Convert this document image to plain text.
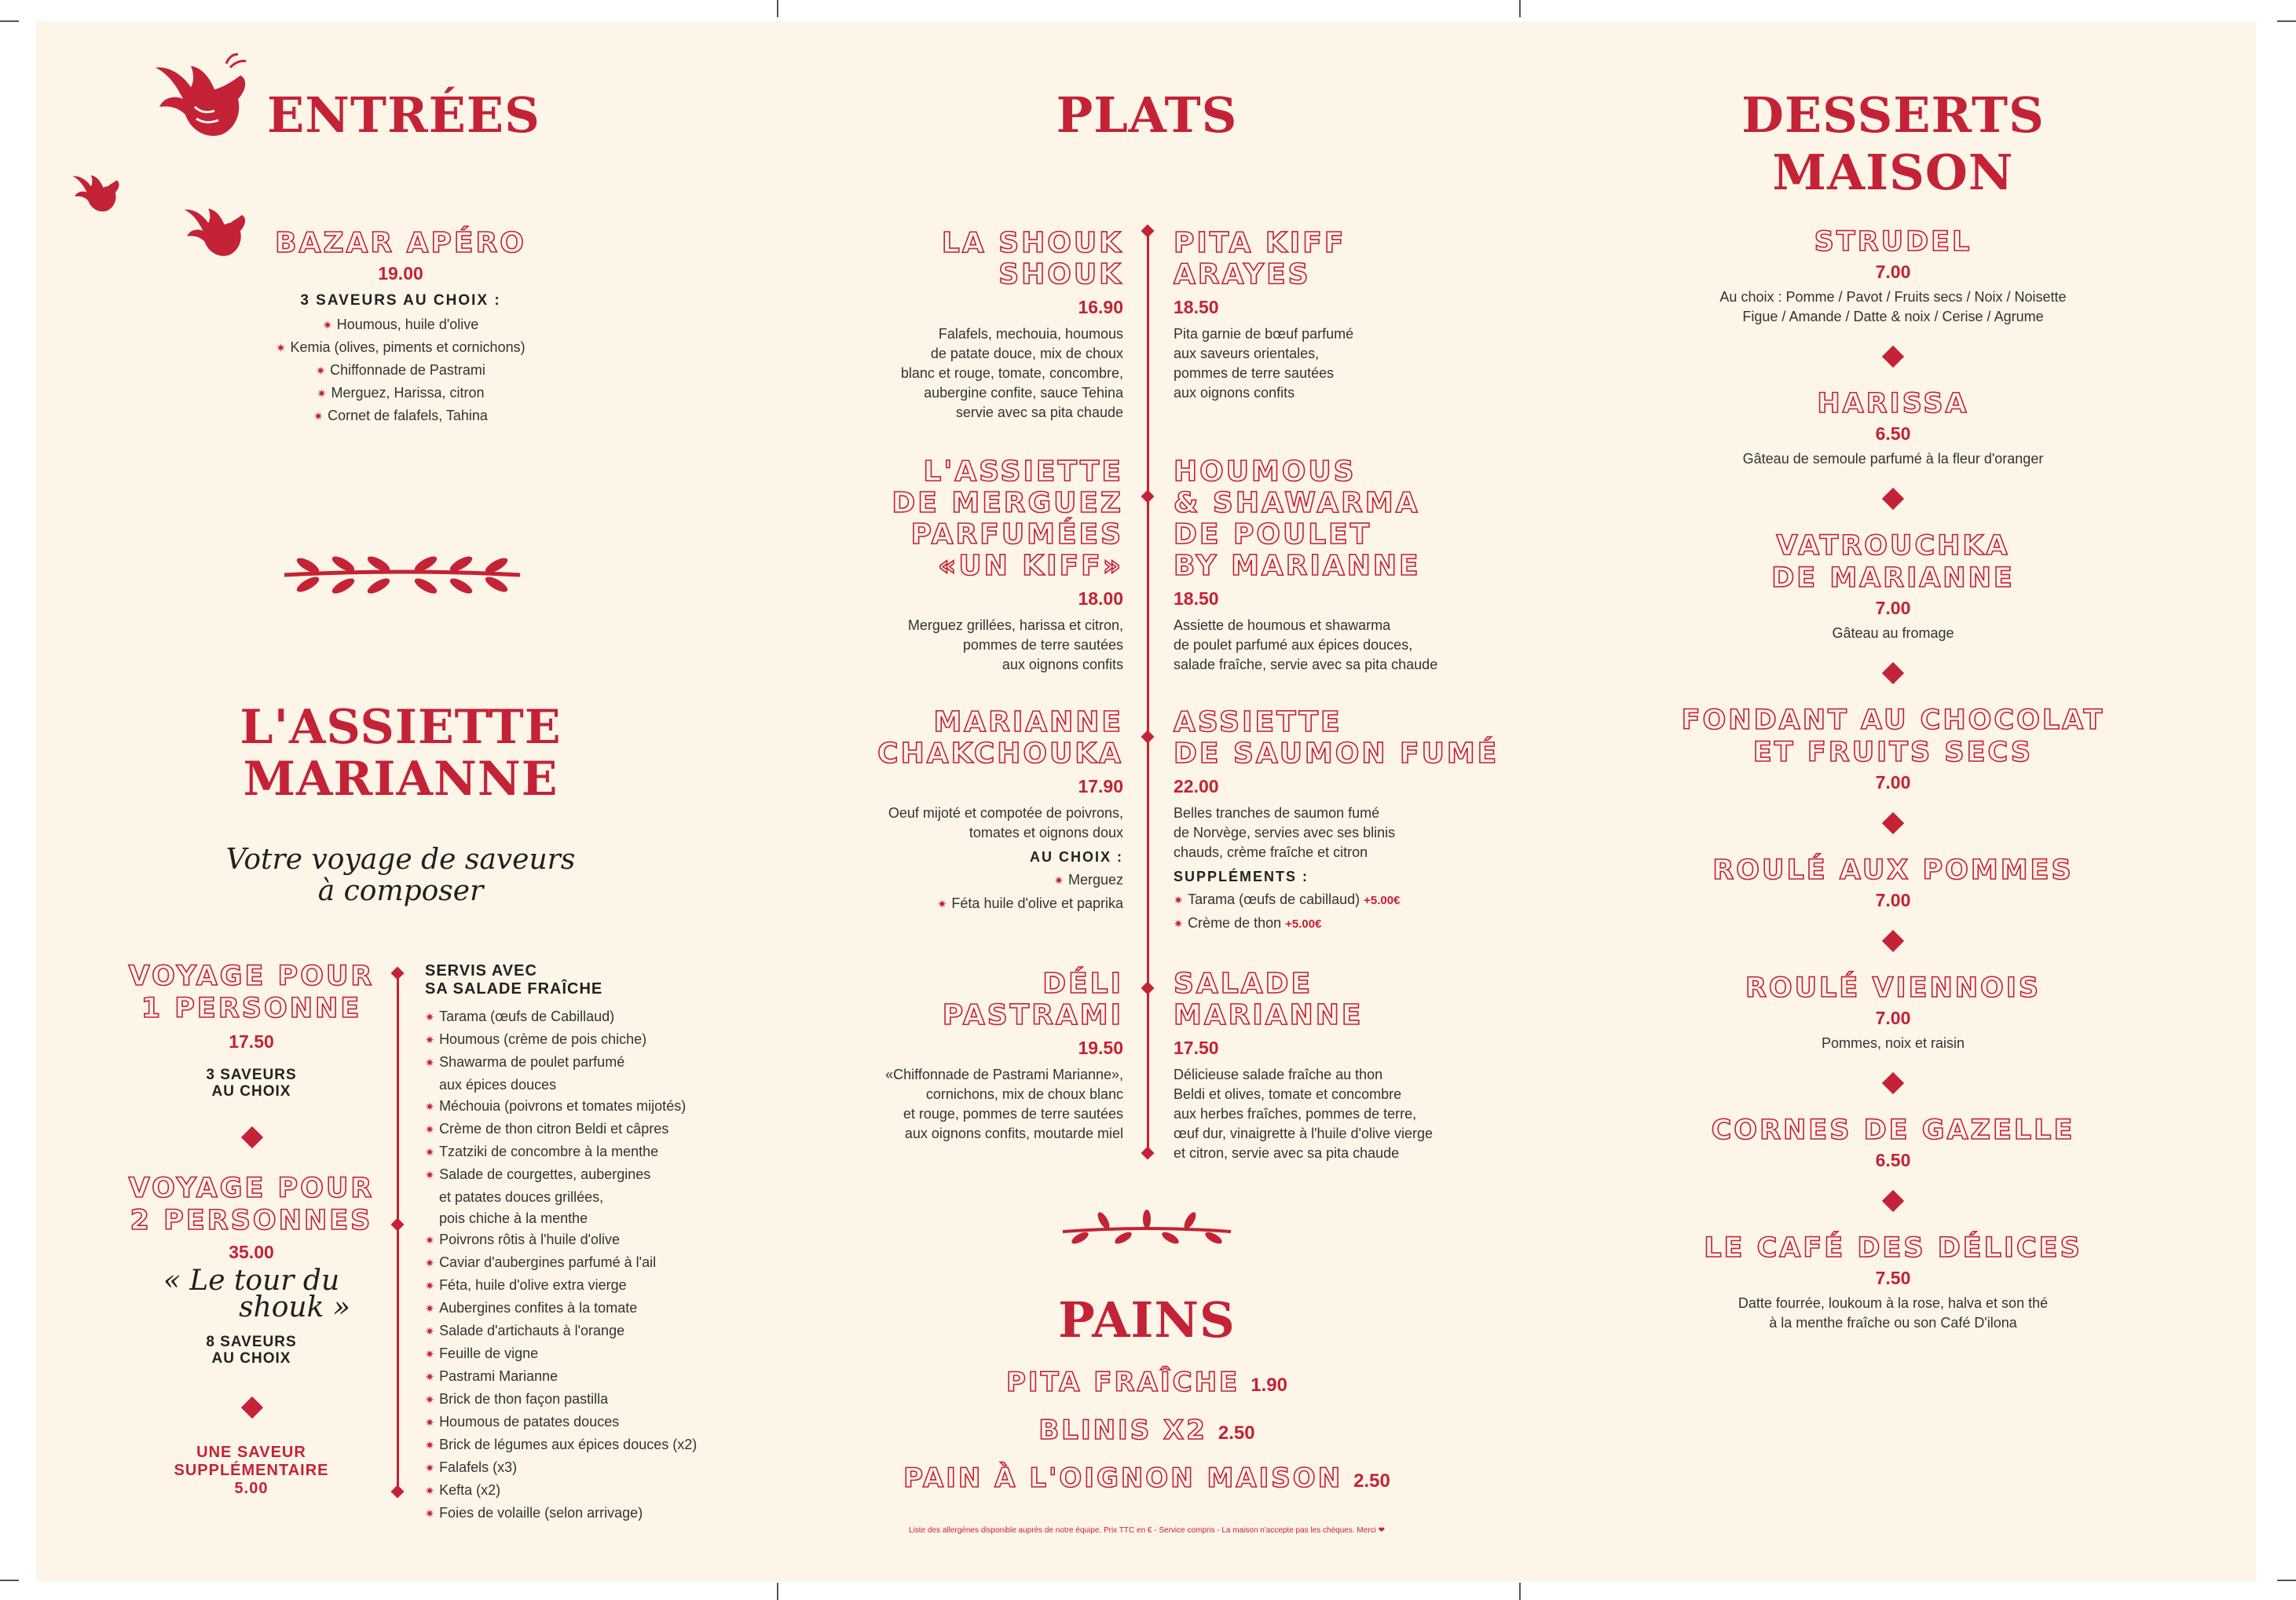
ENTRÉES
BAZAR APÉRO
19.00
3 SAVEURS AU CHOIX :
✷ Houmous, huile d'olive
✷ Kemia (olives, piments et cornichons)
✷ Chiffonnade de Pastrami
✷ Merguez, Harissa, citron
✷ Cornet de falafels, Tahina
L'ASSIETTE
MARIANNE
Votre voyage de saveurs
à composer
VOYAGE POUR
1 PERSONNE
17.50
3 SAVEURS
AU CHOIX
VOYAGE POUR
2 PERSONNES
35.00
« Le tour du
shouk »
8 SAVEURS
AU CHOIX
UNE SAVEUR
SUPPLÉMENTAIRE
5.00
SERVIS AVEC
SA SALADE FRAÎCHE
✷ Tarama (œufs de Cabillaud)
✷ Houmous (crème de pois chiche)
✷ Shawarma de poulet parfumé
aux épices douces
✷ Méchouia (poivrons et tomates mijotés)
✷ Crème de thon citron Beldi et câpres
✷ Tzatziki de concombre à la menthe
✷ Salade de courgettes, aubergines
et patates douces grillées,
pois chiche à la menthe
✷ Poivrons rôtis à l'huile d'olive
✷ Caviar d'aubergines parfumé à l'ail
✷ Féta, huile d'olive extra vierge
✷ Aubergines confites à la tomate
✷ Salade d'artichauts à l'orange
✷ Feuille de vigne
✷ Pastrami Marianne
✷ Brick de thon façon pastilla
✷ Houmous de patates douces
✷ Brick de légumes aux épices douces (x2)
✷ Falafels (x3)
✷ Kefta (x2)
✷ Foies de volaille (selon arrivage)
PLATS
LA SHOUK
SHOUK
16.90
Falafels, mechouia, houmous
de patate douce, mix de choux
blanc et rouge, tomate, concombre,
aubergine confite, sauce Tehina
servie avec sa pita chaude
L'ASSIETTE
DE MERGUEZ
PARFUMÉES
«UN KIFF»
18.00
Merguez grillées, harissa et citron,
pommes de terre sautées
aux oignons confits
MARIANNE
CHAKCHOUKA
17.90
Oeuf mijoté et compotée de poivrons,
tomates et oignons doux
AU CHOIX :
✷ Merguez
✷ Féta huile d'olive et paprika
DÉLI
PASTRAMI
19.50
«Chiffonnade de Pastrami Marianne»,
cornichons, mix de choux blanc
et rouge, pommes de terre sautées
aux oignons confits, moutarde miel
PITA KIFF
ARAYES
18.50
Pita garnie de bœuf parfumé
aux saveurs orientales,
pommes de terre sautées
aux oignons confits
HOUMOUS
& SHAWARMA
DE POULET
BY MARIANNE
18.50
Assiette de houmous et shawarma
de poulet parfumé aux épices douces,
salade fraîche, servie avec sa pita chaude
ASSIETTE
DE SAUMON FUMÉ
22.00
Belles tranches de saumon fumé
de Norvège, servies avec ses blinis
chauds, crème fraîche et citron
SUPPLÉMENTS :
✷ Tarama (œufs de cabillaud) +5.00€
✷ Crème de thon +5.00€
SALADE
MARIANNE
17.50
Délicieuse salade fraîche au thon
Beldi et olives, tomate et concombre
aux herbes fraîches, pommes de terre,
œuf dur, vinaigrette à l'huile d'olive vierge
et citron, servie avec sa pita chaude
PAINS
PITA FRAÎCHE 1.90
BLINIS X2 2.50
PAIN À L'OIGNON MAISON 2.50
Liste des allergènes disponible auprès de notre équipe. Prix TTC en € - Service compris - La maison n'accepte pas les chèques. Merci ❤
DESSERTS MAISON
STRUDEL
7.00
Au choix : Pomme / Pavot / Fruits secs / Noix / Noisette
Figue / Amande / Datte & noix / Cerise / Agrume
HARISSA
6.50
Gâteau de semoule parfumé à la fleur d'oranger
VATROUCHKA
DE MARIANNE
7.00
Gâteau au fromage
FONDANT AU CHOCOLAT
ET FRUITS SECS
7.00
ROULÉ AUX POMMES
7.00
ROULÉ VIENNOIS
7.00
Pommes, noix et raisin
CORNES DE GAZELLE
6.50
LE CAFÉ DES DÉLICES
7.50
Datte fourrée, loukoum à la rose, halva et son thé
à la menthe fraîche ou son Café D'ilona
